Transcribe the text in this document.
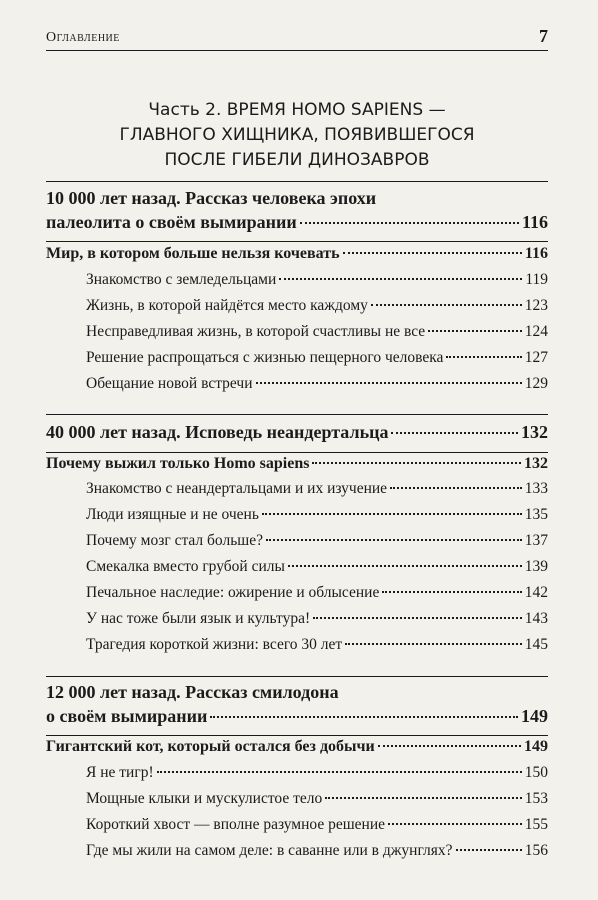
Оглавление	7
Часть 2. ВРЕМЯ HOMO SAPIENS —
ГЛАВНОГО ХИЩНИКА, ПОЯВИВШЕГОСЯ
ПОСЛЕ ГИБЕЛИ ДИНОЗАВРОВ
10 000 лет назад. Рассказ человека эпохи
палеолита о своём вымирании	116
Мир, в котором больше нельзя кочевать	116
Знакомство с земледельцами	119
Жизнь, в которой найдётся место каждому	123
Несправедливая жизнь, в которой счастливы не все	124
Решение распрощаться с жизнью пещерного человека	127
Обещание новой встречи	129
40 000 лет назад. Исповедь неандертальца	132
Почему выжил только Homo sapiens	132
Знакомство с неандертальцами и их изучение	133
Люди изящные и не очень	135
Почему мозг стал больше?	137
Смекалка вместо грубой силы	139
Печальное наследие: ожирение и облысение	142
У нас тоже были язык и культура!	143
Трагедия короткой жизни: всего 30 лет	145
12 000 лет назад. Рассказ смилодона
о своём вымирании	149
Гигантский кот, который остался без добычи	149
Я не тигр!	150
Мощные клыки и мускулистое тело	153
Короткий хвост — вполне разумное решение	155
Где мы жили на самом деле: в саванне или в джунглях?	156
